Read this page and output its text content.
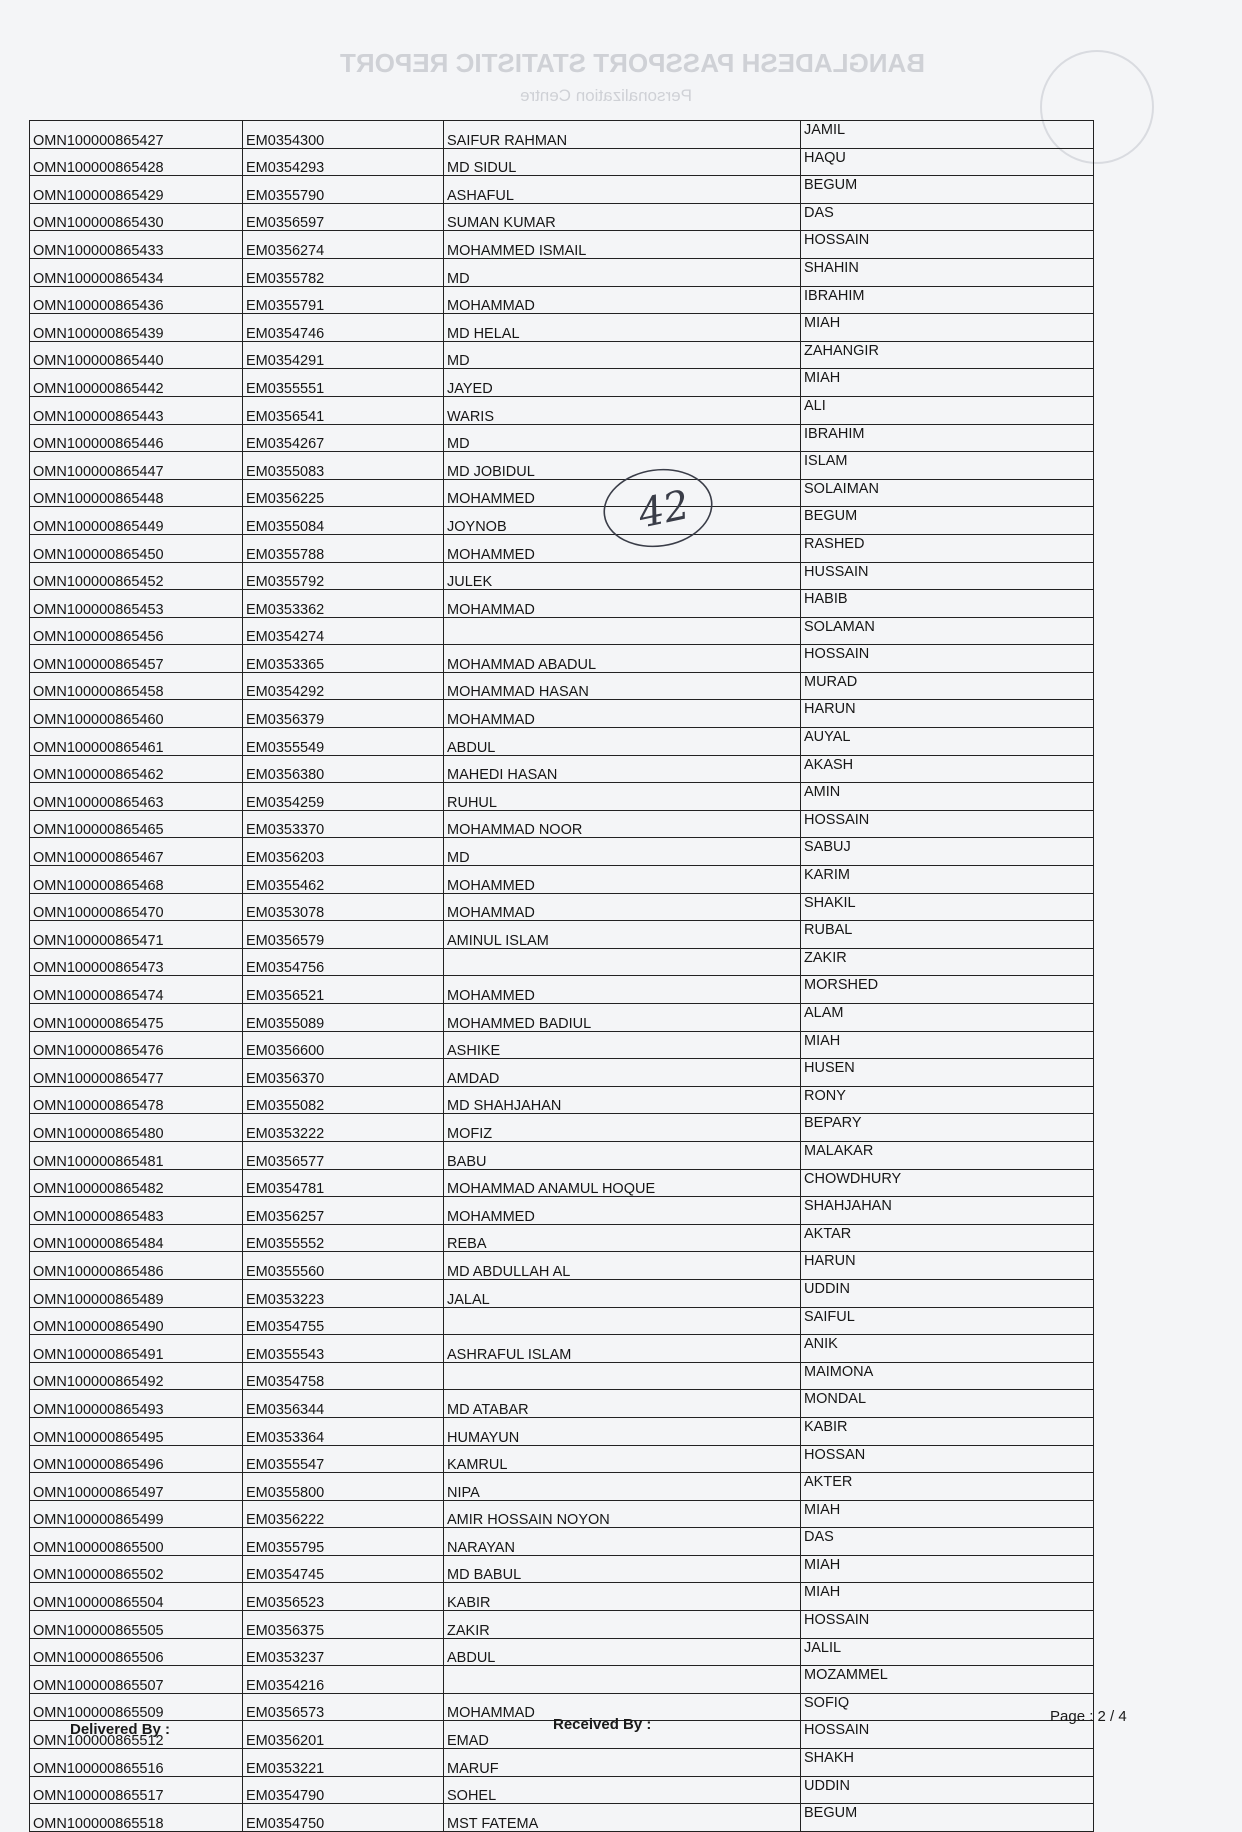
BANGLADESH PASSPORT STATISTIC REPORT
Personalization Centre
OMN100000865427	EM0354300	SAIFUR RAHMAN	JAMIL
OMN100000865428	EM0354293	MD SIDUL	HAQU
OMN100000865429	EM0355790	ASHAFUL	BEGUM
OMN100000865430	EM0356597	SUMAN KUMAR	DAS
OMN100000865433	EM0356274	MOHAMMED ISMAIL	HOSSAIN
OMN100000865434	EM0355782	MD	SHAHIN
OMN100000865436	EM0355791	MOHAMMAD	IBRAHIM
OMN100000865439	EM0354746	MD HELAL	MIAH
OMN100000865440	EM0354291	MD	ZAHANGIR
OMN100000865442	EM0355551	JAYED	MIAH
OMN100000865443	EM0356541	WARIS	ALI
OMN100000865446	EM0354267	MD	IBRAHIM
OMN100000865447	EM0355083	MD JOBIDUL	ISLAM
OMN100000865448	EM0356225	MOHAMMED	SOLAIMAN
OMN100000865449	EM0355084	JOYNOB	BEGUM
OMN100000865450	EM0355788	MOHAMMED	RASHED
OMN100000865452	EM0355792	JULEK	HUSSAIN
OMN100000865453	EM0353362	MOHAMMAD	HABIB
OMN100000865456	EM0354274		SOLAMAN
OMN100000865457	EM0353365	MOHAMMAD ABADUL	HOSSAIN
OMN100000865458	EM0354292	MOHAMMAD HASAN	MURAD
OMN100000865460	EM0356379	MOHAMMAD	HARUN
OMN100000865461	EM0355549	ABDUL	AUYAL
OMN100000865462	EM0356380	MAHEDI HASAN	AKASH
OMN100000865463	EM0354259	RUHUL	AMIN
OMN100000865465	EM0353370	MOHAMMAD NOOR	HOSSAIN
OMN100000865467	EM0356203	MD	SABUJ
OMN100000865468	EM0355462	MOHAMMED	KARIM
OMN100000865470	EM0353078	MOHAMMAD	SHAKIL
OMN100000865471	EM0356579	AMINUL ISLAM	RUBAL
OMN100000865473	EM0354756		ZAKIR
OMN100000865474	EM0356521	MOHAMMED	MORSHED
OMN100000865475	EM0355089	MOHAMMED BADIUL	ALAM
OMN100000865476	EM0356600	ASHIKE	MIAH
OMN100000865477	EM0356370	AMDAD	HUSEN
OMN100000865478	EM0355082	MD SHAHJAHAN	RONY
OMN100000865480	EM0353222	MOFIZ	BEPARY
OMN100000865481	EM0356577	BABU	MALAKAR
OMN100000865482	EM0354781	MOHAMMAD ANAMUL HOQUE	CHOWDHURY
OMN100000865483	EM0356257	MOHAMMED	SHAHJAHAN
OMN100000865484	EM0355552	REBA	AKTAR
OMN100000865486	EM0355560	MD ABDULLAH AL	HARUN
OMN100000865489	EM0353223	JALAL	UDDIN
OMN100000865490	EM0354755		SAIFUL
OMN100000865491	EM0355543	ASHRAFUL ISLAM	ANIK
OMN100000865492	EM0354758		MAIMONA
OMN100000865493	EM0356344	MD ATABAR	MONDAL
OMN100000865495	EM0353364	HUMAYUN	KABIR
OMN100000865496	EM0355547	KAMRUL	HOSSAN
OMN100000865497	EM0355800	NIPA	AKTER
OMN100000865499	EM0356222	AMIR HOSSAIN NOYON	MIAH
OMN100000865500	EM0355795	NARAYAN	DAS
OMN100000865502	EM0354745	MD BABUL	MIAH
OMN100000865504	EM0356523	KABIR	MIAH
OMN100000865505	EM0356375	ZAKIR	HOSSAIN
OMN100000865506	EM0353237	ABDUL	JALIL
OMN100000865507	EM0354216		MOZAMMEL
OMN100000865509	EM0356573	MOHAMMAD	SOFIQ
OMN100000865512	EM0356201	EMAD	HOSSAIN
OMN100000865516	EM0353221	MARUF	SHAKH
OMN100000865517	EM0354790	SOHEL	UDDIN
OMN100000865518	EM0354750	MST FATEMA	BEGUM
42
Delivered By :	Received By :	Page : 2 / 4
